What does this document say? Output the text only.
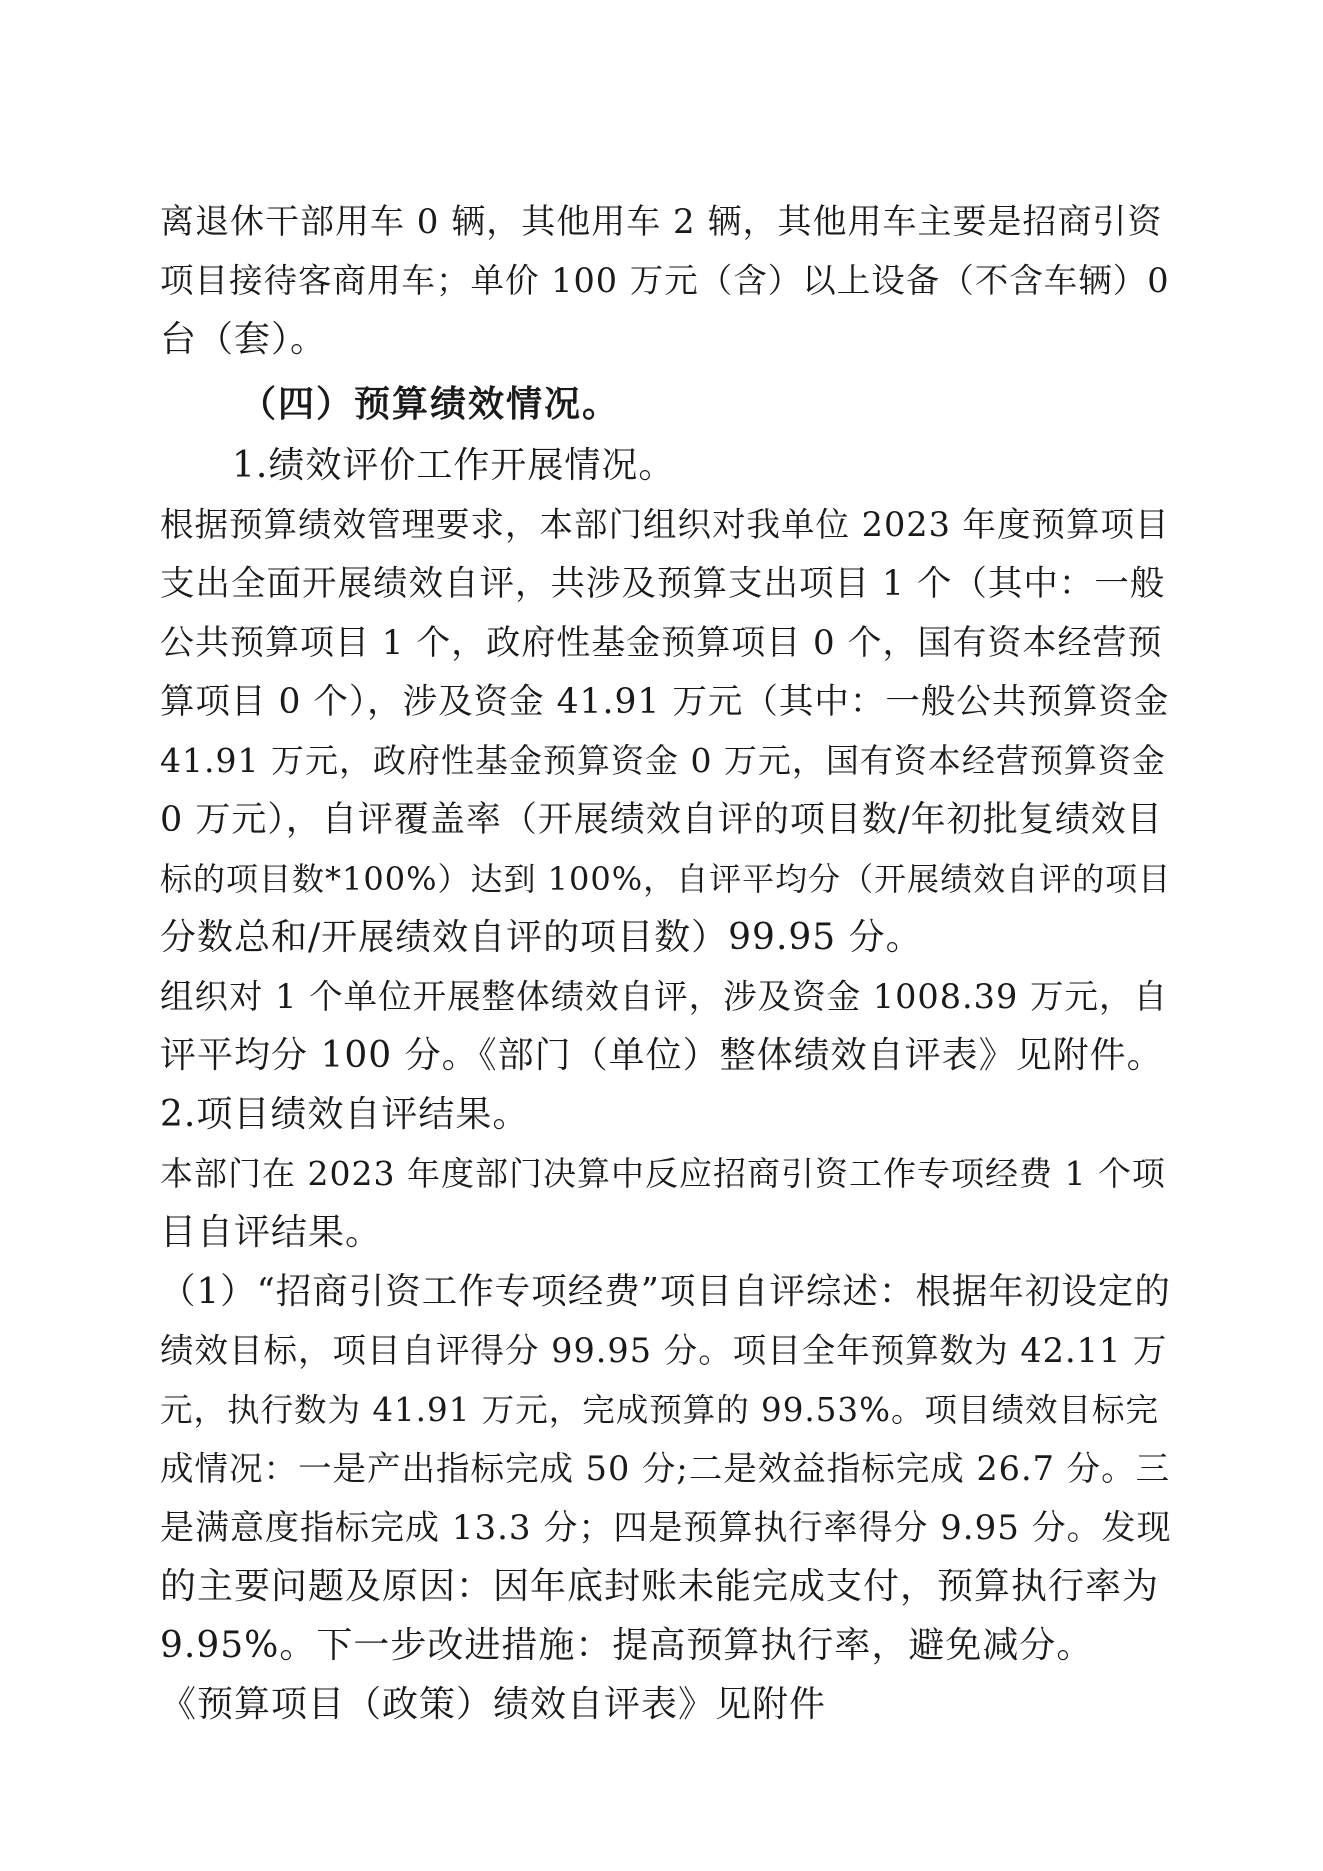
离退休干部用车 0 辆，其他用车 2 辆，其他用车主要是招商引资
项目接待客商用车；单价 100 万元（含）以上设备（不含车辆）0
台（套）。
（四）预算绩效情况。
1.绩效评价工作开展情况。
根据预算绩效管理要求，本部门组织对我单位 2023 年度预算项目
支出全面开展绩效自评，共涉及预算支出项目 1 个（其中：一般
公共预算项目 1 个，政府性基金预算项目 0 个，国有资本经营预
算项目 0 个），涉及资金 41.91 万元（其中：一般公共预算资金
41.91 万元，政府性基金预算资金 0 万元，国有资本经营预算资金
0 万元），自评覆盖率（开展绩效自评的项目数/年初批复绩效目
标的项目数*100%）达到 100%，自评平均分（开展绩效自评的项目
分数总和/开展绩效自评的项目数）99.95 分。
组织对 1 个单位开展整体绩效自评，涉及资金 1008.39 万元，自
评平均分 100 分。《部门（单位）整体绩效自评表》见附件。
2.项目绩效自评结果。
本部门在 2023 年度部门决算中反应招商引资工作专项经费 1 个项
目自评结果。
（1）“招商引资工作专项经费”项目自评综述：根据年初设定的
绩效目标，项目自评得分 99.95 分。项目全年预算数为 42.11 万
元，执行数为 41.91 万元，完成预算的 99.53%。项目绩效目标完
成情况：一是产出指标完成 50 分;二是效益指标完成 26.7 分。三
是满意度指标完成 13.3 分；四是预算执行率得分 9.95 分。发现
的主要问题及原因：因年底封账未能完成支付，预算执行率为
9.95%。下一步改进措施：提高预算执行率，避免减分。
《预算项目（政策）绩效自评表》见附件
